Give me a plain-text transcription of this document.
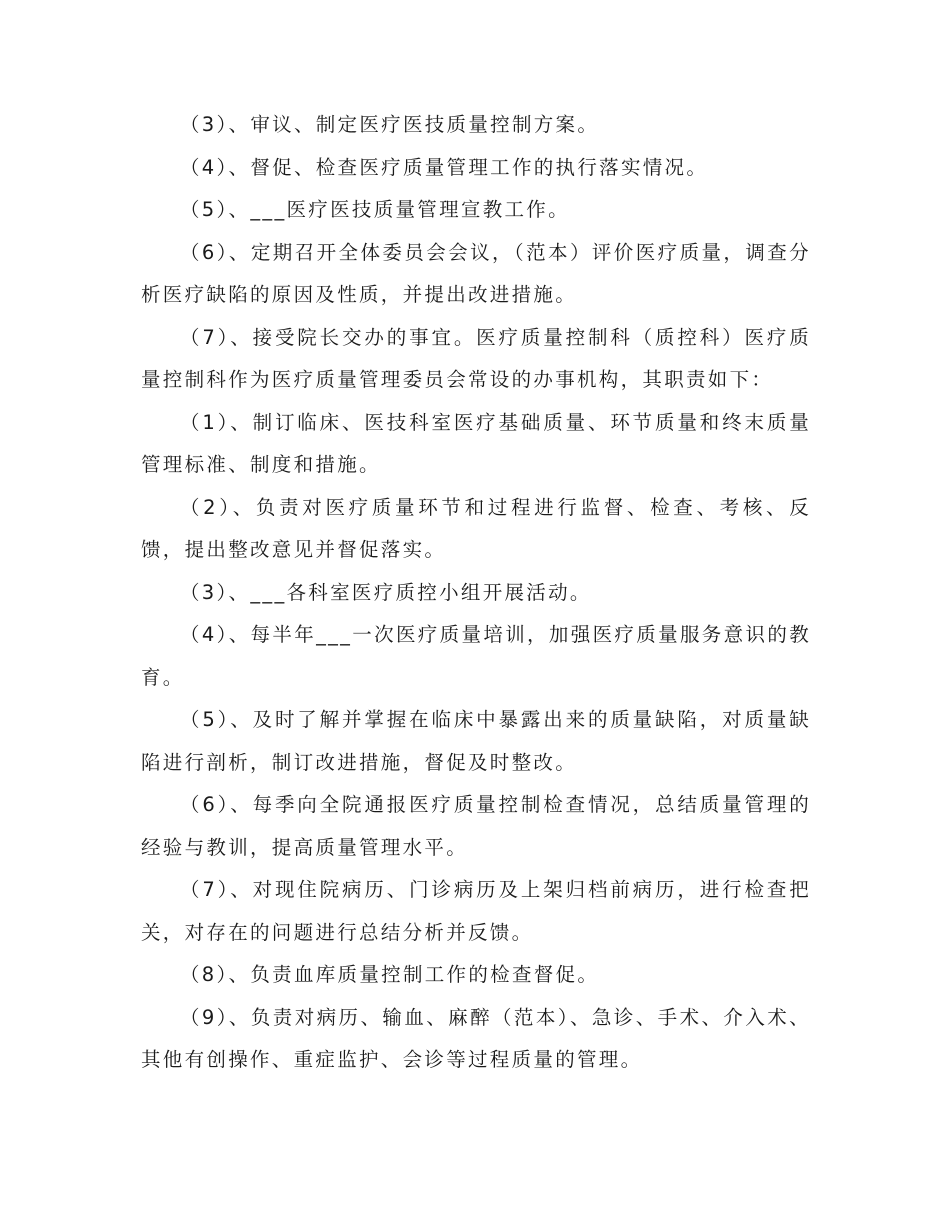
（3）、审议、制定医疗医技质量控制方案。

（4）、督促、检查医疗质量管理工作的执行落实情况。

（5）、___医疗医技质量管理宣教工作。

（6）、定期召开全体委员会会议，（范本）评价医疗质量，调查分析医疗缺陷的原因及性质，并提出改进措施。

（7）、接受院长交办的事宜。医疗质量控制科（质控科）医疗质量控制科作为医疗质量管理委员会常设的办事机构，其职责如下：

（1）、制订临床、医技科室医疗基础质量、环节质量和终末质量管理标准、制度和措施。

（2）、负责对医疗质量环节和过程进行监督、检查、考核、反馈，提出整改意见并督促落实。

（3）、___各科室医疗质控小组开展活动。

（4）、每半年___一次医疗质量培训，加强医疗质量服务意识的教育。

（5）、及时了解并掌握在临床中暴露出来的质量缺陷，对质量缺陷进行剖析，制订改进措施，督促及时整改。

（6）、每季向全院通报医疗质量控制检查情况，总结质量管理的经验与教训，提高质量管理水平。

（7）、对现住院病历、门诊病历及上架归档前病历，进行检查把关，对存在的问题进行总结分析并反馈。

（8）、负责血库质量控制工作的检查督促。

（9）、负责对病历、输血、麻醉（范本）、急诊、手术、介入术、其他有创操作、重症监护、会诊等过程质量的管理。
